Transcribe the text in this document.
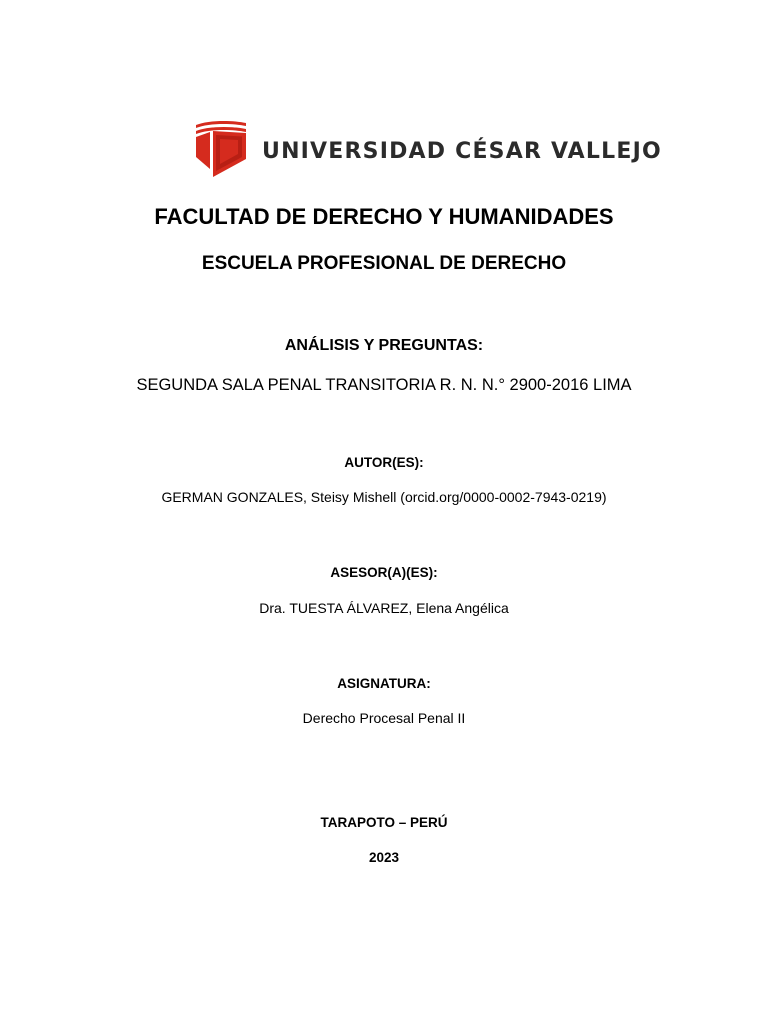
UNIVERSIDAD CÉSAR VALLEJO
FACULTAD DE DERECHO Y HUMANIDADES
ESCUELA PROFESIONAL DE DERECHO
ANÁLISIS Y PREGUNTAS:
SEGUNDA SALA PENAL TRANSITORIA R. N. N.° 2900-2016 LIMA
AUTOR(ES):
GERMAN GONZALES, Steisy Mishell (orcid.org/0000-0002-7943-0219)
ASESOR(A)(ES):
Dra. TUESTA ÁLVAREZ, Elena Angélica
ASIGNATURA:
Derecho Procesal Penal II
TARAPOTO – PERÚ
2023
